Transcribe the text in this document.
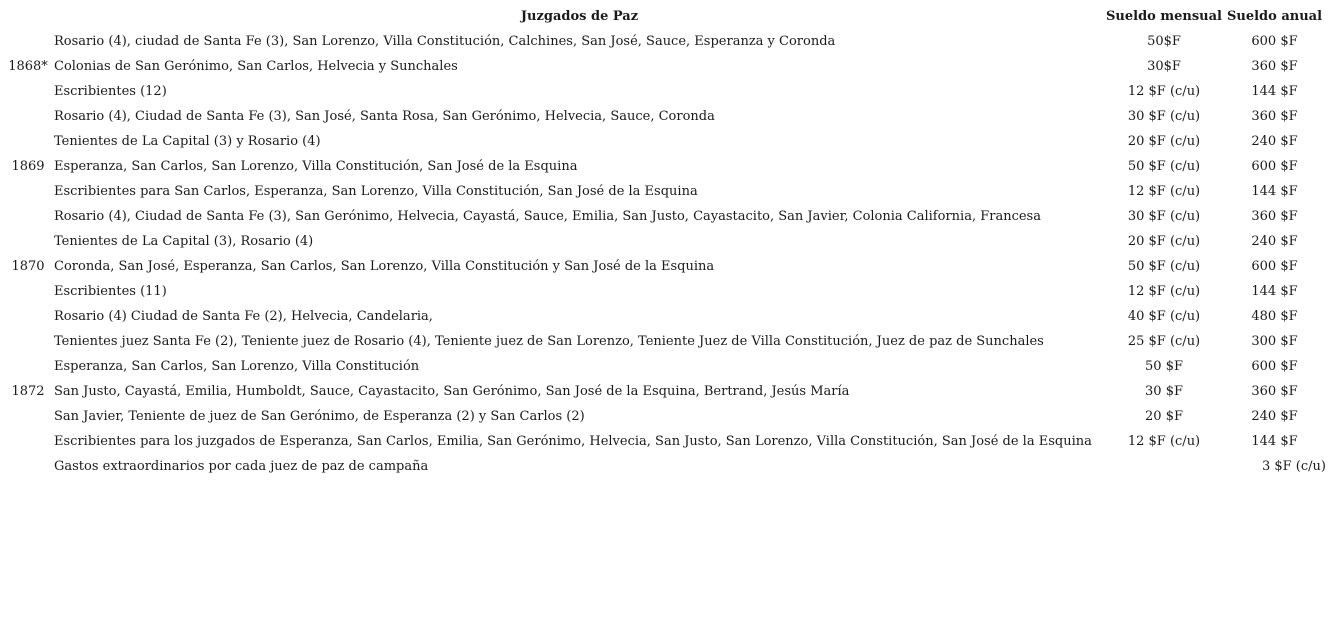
	Juzgados de Paz	Sueldo mensual	Sueldo anual
	Rosario (4), ciudad de Santa Fe (3), San Lorenzo, Villa Constitución, Calchines, San José, Sauce, Esperanza y Coronda	50$F	600 $F
1868*	Colonias de San Gerónimo, San Carlos, Helvecia y Sunchales	30$F	360 $F
	Escribientes (12)	12 $F (c/u)	144 $F
	Rosario (4), Ciudad de Santa Fe (3), San José, Santa Rosa, San Gerónimo, Helvecia, Sauce, Coronda	30 $F (c/u)	360 $F
	Tenientes de La Capital (3) y Rosario (4)	20 $F (c/u)	240 $F
1869	Esperanza, San Carlos, San Lorenzo, Villa Constitución, San José de la Esquina	50 $F (c/u)	600 $F
	Escribientes para San Carlos, Esperanza, San Lorenzo, Villa Constitución, San José de la Esquina	12 $F (c/u)	144 $F
	Rosario (4), Ciudad de Santa Fe (3), San Gerónimo, Helvecia, Cayastá, Sauce, Emilia, San Justo, Cayastacito, San Javier, Colonia California, Francesa	30 $F (c/u)	360 $F
	Tenientes de La Capital (3), Rosario (4)	20 $F (c/u)	240 $F
1870	Coronda, San José, Esperanza, San Carlos, San Lorenzo, Villa Constitución y San José de la Esquina	50 $F (c/u)	600 $F
	Escribientes (11)	12 $F (c/u)	144 $F
	Rosario (4) Ciudad de Santa Fe (2), Helvecia, Candelaria,	40 $F (c/u)	480 $F
	Tenientes juez Santa Fe (2), Teniente juez de Rosario (4), Teniente juez de San Lorenzo, Teniente Juez de Villa Constitución, Juez de paz de Sunchales	25 $F (c/u)	300 $F
	Esperanza, San Carlos, San Lorenzo, Villa Constitución	50 $F	600 $F
1872	San Justo, Cayastá, Emilia, Humboldt, Sauce, Cayastacito, San Gerónimo, San José de la Esquina, Bertrand, Jesús María	30 $F	360 $F
	San Javier, Teniente de juez de San Gerónimo, de Esperanza (2) y San Carlos (2)	20 $F	240 $F
	Escribientes para los juzgados de Esperanza, San Carlos, Emilia, San Gerónimo, Helvecia, San Justo, San Lorenzo, Villa Constitución, San José de la Esquina	12 $F (c/u)	144 $F
	Gastos extraordinarios por cada juez de paz de campaña		3 $F (c/u)
